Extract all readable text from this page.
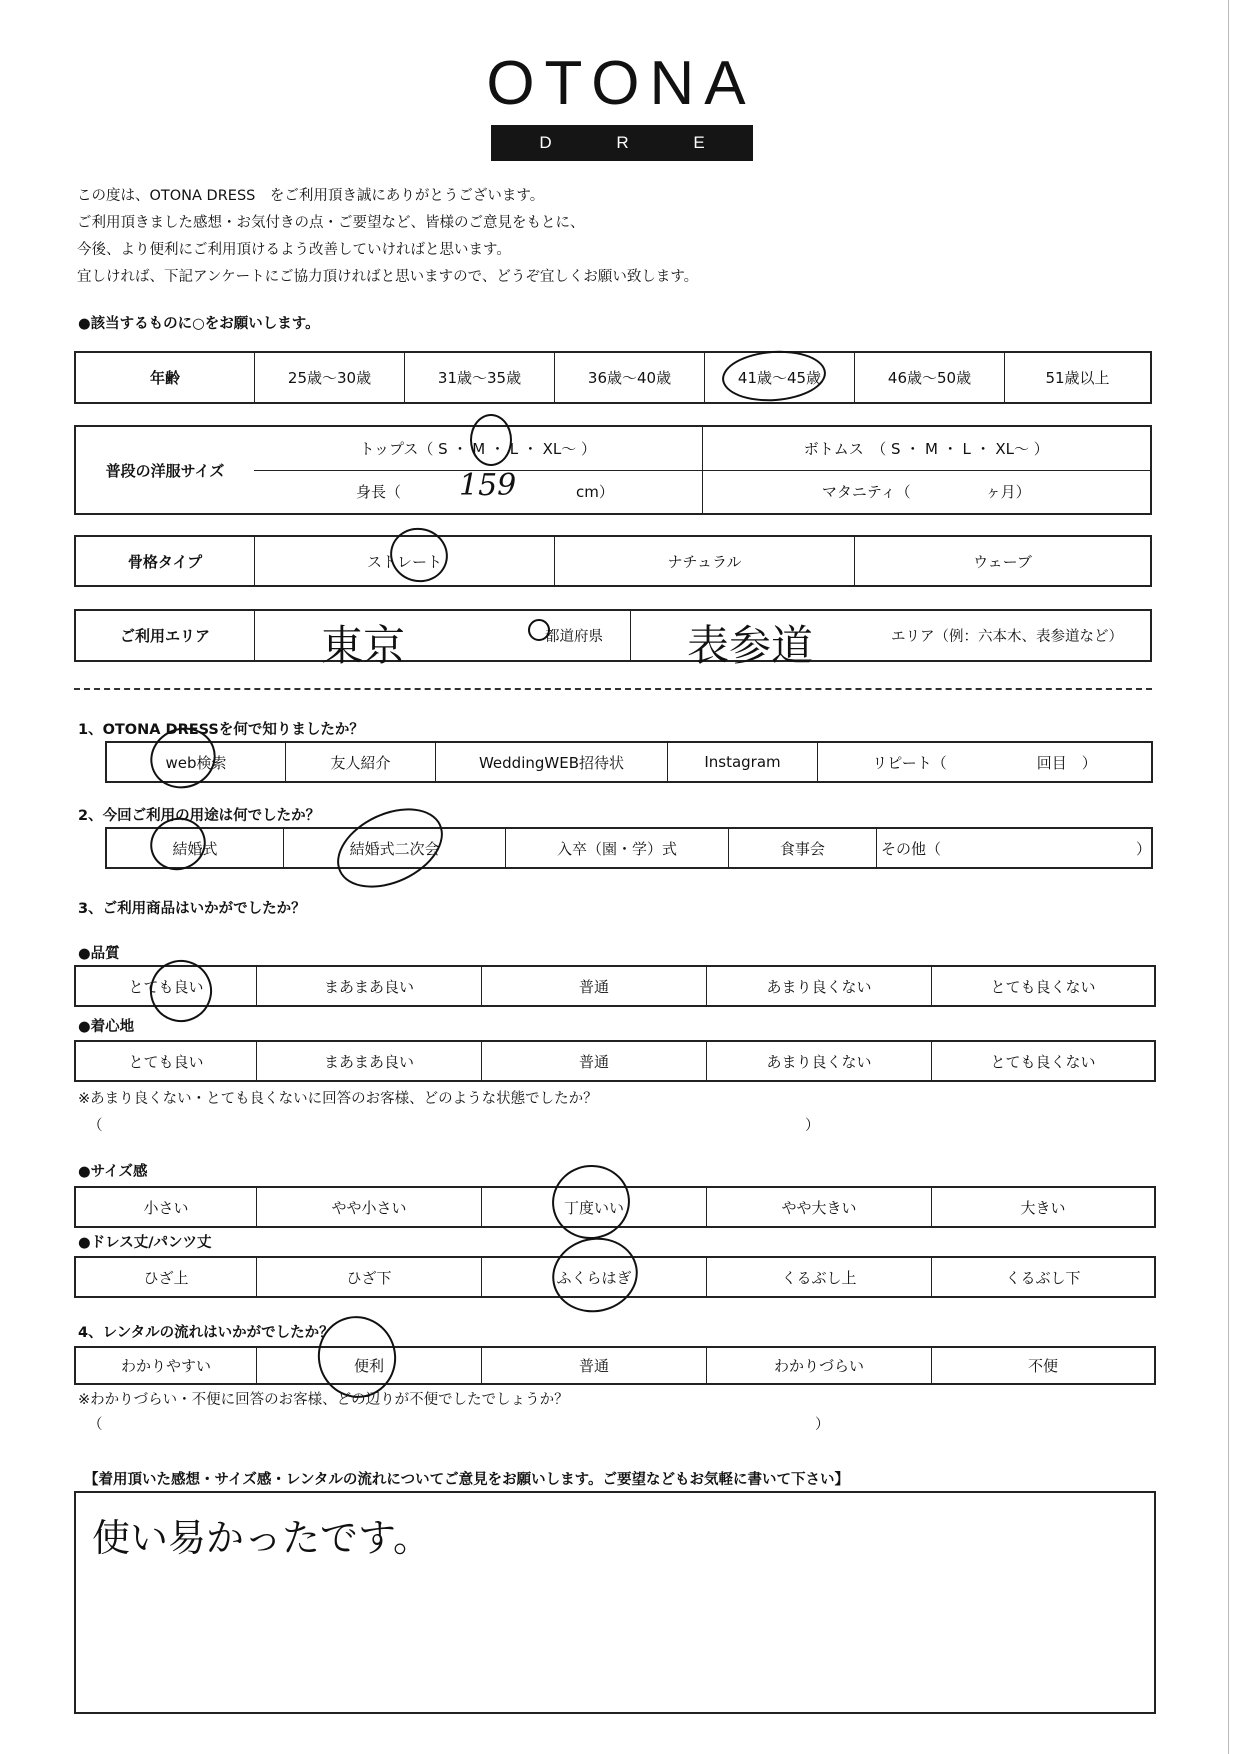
OTONA
D R E S S
この度は、OTONA DRESS　をご利用頂き誠にありがとうございます。
ご利用頂きました感想・お気付きの点・ご要望など、皆様のご意見をもとに、
今後、より便利にご利用頂けるよう改善していければと思います。
宜しければ、下記アンケートにご協力頂ければと思いますので、どうぞ宜しくお願い致します。
●該当するものに○をお願いします。
年齢	25歳～30歳	31歳～35歳	36歳～40歳	41歳～45歳	46歳～50歳	51歳以上
普段の洋服サイズ
トップス（ S ・ M ・ L ・ XL～ ）	ボトムス　（ S ・ M ・ L ・ XL～ ）
身長（ 159	cm）	マタニティ（　　　　　ヶ月）
骨格タイプ	ストレート	ナチュラル	ウェーブ
ご利用エリア	東京	都道府県 表参道	エリア（例：六本木、表参道など）
1、OTONA DRESSを何で知りましたか？
web検索	友人紹介	WeddingWEB招待状	Instagram	リピート（　　　　　　回目　）
2、今回ご利用の用途は何でしたか？
結婚式	結婚式二次会	入卒（園・学）式	食事会	その他（　　　　　　　　　　　　　）
3、ご利用商品はいかがでしたか？
●品質
とても良い	まあまあ良い	普通	あまり良くない	とても良くない
●着心地
とても良い	まあまあ良い	普通	あまり良くない	とても良くない
※あまり良くない・とても良くないに回答のお客様、どのような状態でしたか？
（	）
●サイズ感
小さい	やや小さい	丁度いい	やや大きい	大きい
●ドレス丈/パンツ丈
ひざ上	ひざ下	ふくらはぎ	くるぶし上	くるぶし下
4、レンタルの流れはいかがでしたか？
わかりやすい	便利	普通	わかりづらい	不便
※わかりづらい・不便に回答のお客様、どの辺りが不便でしたでしょうか？
（	）
【着用頂いた感想・サイズ感・レンタルの流れについてご意見をお願いします。ご要望などもお気軽に書いて下さい】
使い易かったです。
